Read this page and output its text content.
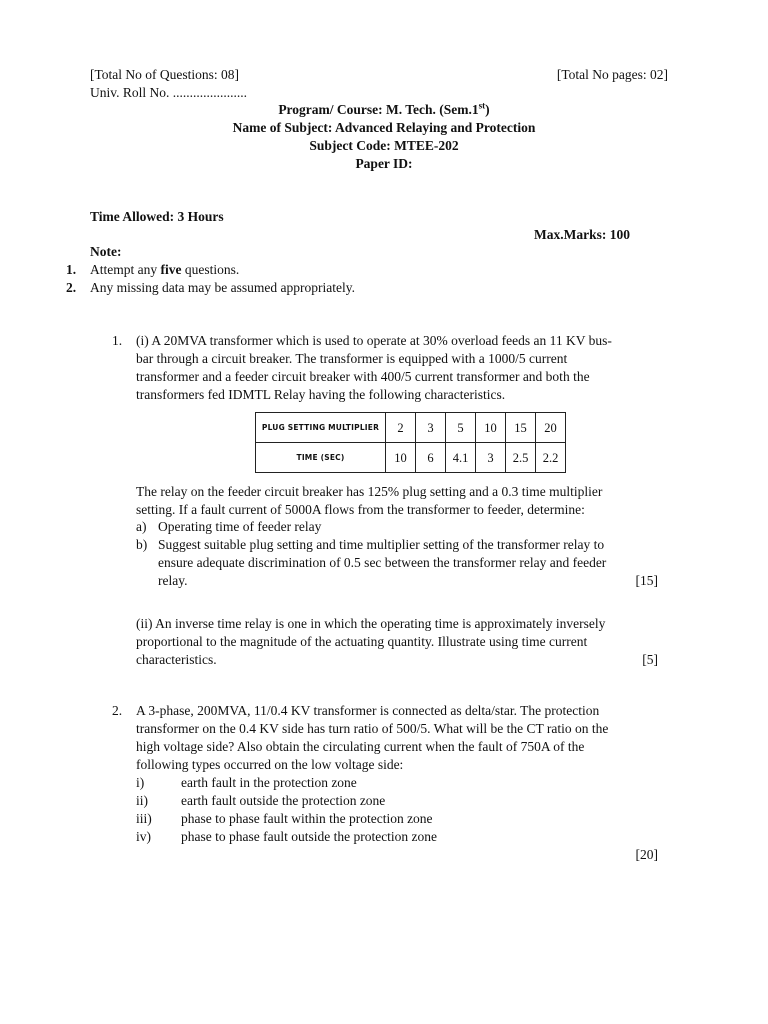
[Total No of Questions: 08]	[Total No pages: 02]
Univ. Roll No. ......................
Program/ Course: M. Tech. (Sem.1st)
Name of Subject: Advanced Relaying and Protection
Subject Code: MTEE-202
Paper ID:
Time Allowed: 3 Hours
Max.Marks: 100
Note:
1. Attempt any five questions.
2. Any missing data may be assumed appropriately.
1. (i) A 20MVA transformer which is used to operate at 30% overload feeds an 11 KV bus-
bar through a circuit breaker. The transformer is equipped with a 1000/5 current
transformer and a feeder circuit breaker with 400/5 current transformer and both the
transformers fed IDMTL Relay having the following characteristics.
PLUG SETTING MULTIPLIER	2	3	5	10	15	20
TIME (SEC)	10	6	4.1	3	2.5	2.2
The relay on the feeder circuit breaker has 125% plug setting and a 0.3 time multiplier
setting. If a fault current of 5000A flows from the transformer to feeder, determine:
a) Operating time of feeder relay
b) Suggest suitable plug setting and time multiplier setting of the transformer relay to
ensure adequate discrimination of 0.5 sec between the transformer relay and feeder
relay.	[15]
(ii) An inverse time relay is one in which the operating time is approximately inversely
proportional to the magnitude of the actuating quantity. Illustrate using time current
characteristics.	[5]
2. A 3-phase, 200MVA, 11/0.4 KV transformer is connected as delta/star. The protection
transformer on the 0.4 KV side has turn ratio of 500/5. What will be the CT ratio on the
high voltage side? Also obtain the circulating current when the fault of 750A of the
following types occurred on the low voltage side:
i)	earth fault in the protection zone
ii) earth fault outside the protection zone
iii) phase to phase fault within the protection zone
iv) phase to phase fault outside the protection zone
[20]
